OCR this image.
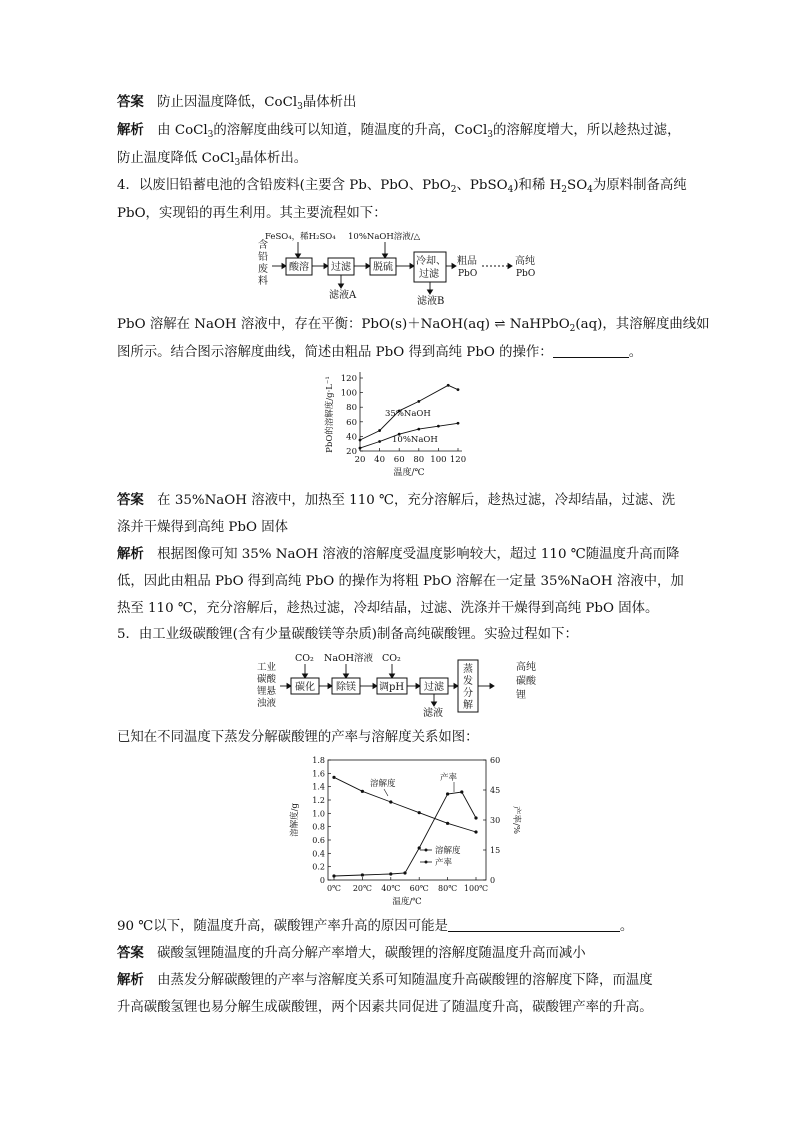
答案　 防止因温度降低，CoCl$_3$晶体析出
解析　 由 CoCl$_3$的溶解度曲线可以知道，随温度的升高，CoCl$_3$的溶解度增大，所以趁热过滤，
防止温度降低 CoCl$_3$晶体析出。
4．以废旧铅蓄电池的含铅废料(主要含 Pb、PbO、PbO$_2$、PbSO$_4$)和稀 $H_2SO_4$为原料制备高纯
PbO，实现铅的再生利用。其主要流程如下：
含
铅
废
料
FeSO₄，稀H₂SO₄ 10%NaOH溶液/△
酸溶 过滤
滤液A
脱硫
冷却、
过滤
滤液B
粗品
PbO
高纯
PbO
PbO 溶解在 NaOH 溶液中，存在平衡：PbO(s)＋NaOH(aq) ⇌ NaHPbO$_2$(aq)，其溶解度曲线如
图所示。结合图示溶解度曲线，简述由粗品 PbO 得到高纯 PbO 的操作：	。
20
40
60
80
100
120
20 40 60 80 100 120
温度/℃
PbO的溶解度/g·L⁻¹	35%NaOH
10%NaOH
答案　 在 35%NaOH 溶液中，加热至 110 ℃，充分溶解后，趁热过滤，冷却结晶，过滤、洗
涤并干燥得到高纯 PbO 固体
解析　 根据图像可知 35% NaOH 溶液的溶解度受温度影响较大，超过 110 ℃随温度升高而降
低，因此由粗品 PbO 得到高纯 PbO 的操作为将粗 PbO 溶解在一定量 35%NaOH 溶液中，加
热至 110 ℃，充分溶解后，趁热过滤，冷却结晶，过滤、洗涤并干燥得到高纯 PbO 固体。
5．由工业级碳酸锂(含有少量碳酸镁等杂质)制备高纯碳酸锂。实验过程如下：
工业
碳酸
锂悬
浊液
CO₂ NaOH溶液 CO₂
碳化 除镁 调pH 过滤
滤液
蒸
发
分
解
高纯
碳酸
锂
已知在不同温度下蒸发分解碳酸锂的产率与溶解度关系如图：
0
0.2
0.4
0.6
0.8
1.0
1.2
1.4
1.6
1.8
0
15
30
45
60
0℃ 20℃ 40℃ 60℃ 80℃ 100℃
温度/℃
溶解度/g	产率/%
溶解度
产率
溶解度
产率
90 ℃以下，随温度升高，碳酸锂产率升高的原因可能是	。
答案　 碳酸氢锂随温度的升高分解产率增大，碳酸锂的溶解度随温度升高而减小
解析　 由蒸发分解碳酸锂的产率与溶解度关系可知随温度升高碳酸锂的溶解度下降，而温度
升高碳酸氢锂也易分解生成碳酸锂，两个因素共同促进了随温度升高，碳酸锂产率的升高。
